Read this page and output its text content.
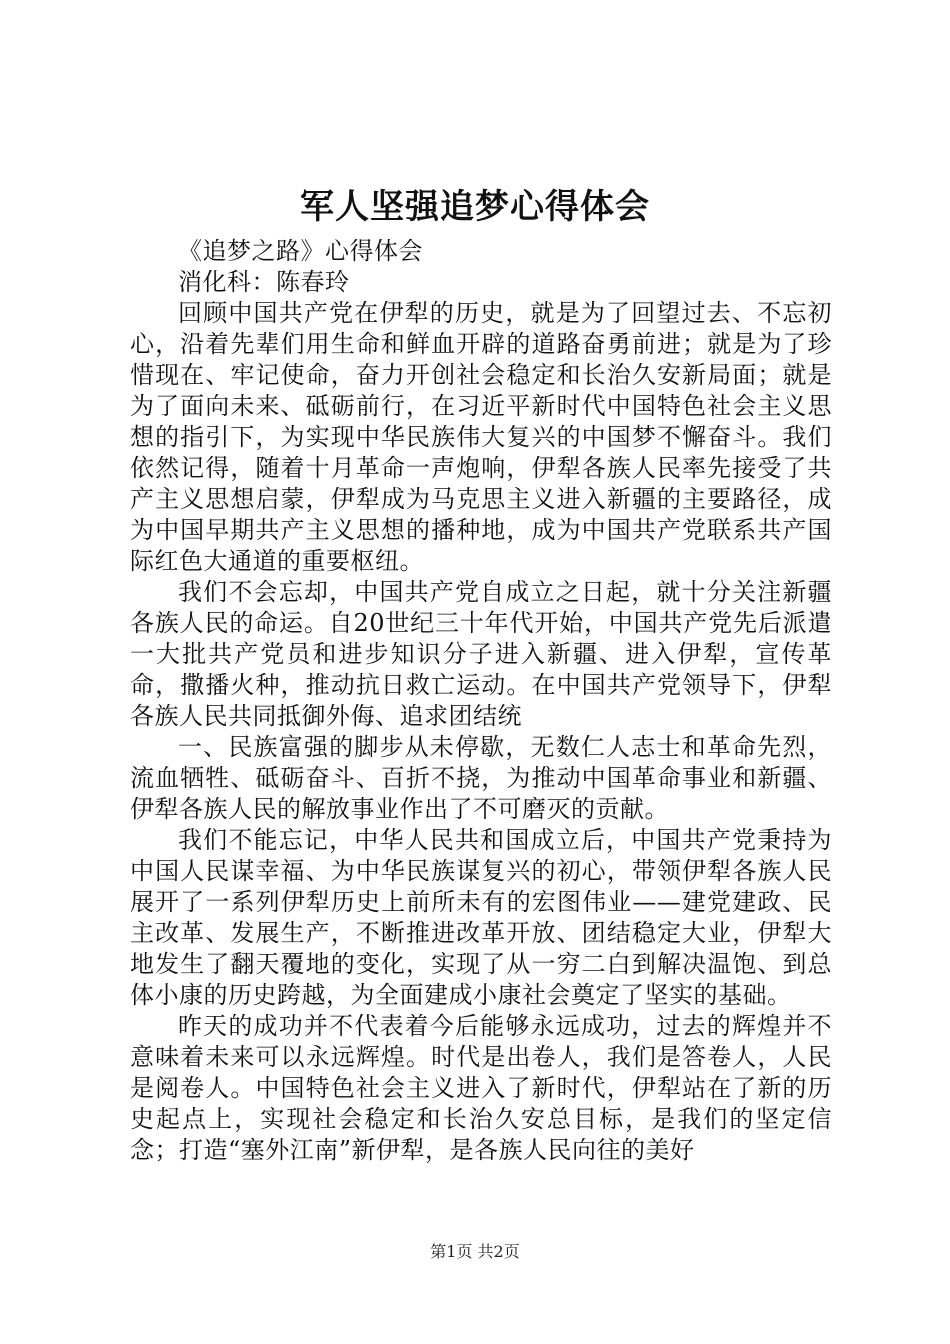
军人坚强追梦心得体会

《追梦之路》心得体会

消化科：陈春玲

回顾中国共产党在伊犁的历史，就是为了回望过去、不忘初心，沿着先辈们用生命和鲜血开辟的道路奋勇前进；就是为了珍惜现在、牢记使命，奋力开创社会稳定和长治久安新局面；就是为了面向未来、砥砺前行，在习近平新时代中国特色社会主义思想的指引下，为实现中华民族伟大复兴的中国梦不懈奋斗。我们依然记得，随着十月革命一声炮响，伊犁各族人民率先接受了共产主义思想启蒙，伊犁成为马克思主义进入新疆的主要路径，成为中国早期共产主义思想的播种地，成为中国共产党联系共产国际红色大通道的重要枢纽。

我们不会忘却，中国共产党自成立之日起，就十分关注新疆各族人民的命运。自20世纪三十年代开始，中国共产党先后派遣一大批共产党员和进步知识分子进入新疆、进入伊犁，宣传革命，撒播火种，推动抗日救亡运动。在中国共产党领导下，伊犁各族人民共同抵御外侮、追求团结统

一、民族富强的脚步从未停歇，无数仁人志士和革命先烈，流血牺牲、砥砺奋斗、百折不挠，为推动中国革命事业和新疆、伊犁各族人民的解放事业作出了不可磨灭的贡献。

我们不能忘记，中华人民共和国成立后，中国共产党秉持为中国人民谋幸福、为中华民族谋复兴的初心，带领伊犁各族人民展开了一系列伊犁历史上前所未有的宏图伟业——建党建政、民主改革、发展生产，不断推进改革开放、团结稳定大业，伊犁大地发生了翻天覆地的变化，实现了从一穷二白到解决温饱、到总体小康的历史跨越，为全面建成小康社会奠定了坚实的基础。

昨天的成功并不代表着今后能够永远成功，过去的辉煌并不意味着未来可以永远辉煌。时代是出卷人，我们是答卷人，人民是阅卷人。中国特色社会主义进入了新时代，伊犁站在了新的历史起点上，实现社会稳定和长治久安总目标，是我们的坚定信念；打造“塞外江南”新伊犁，是各族人民向往的美好

第1页 共2页
